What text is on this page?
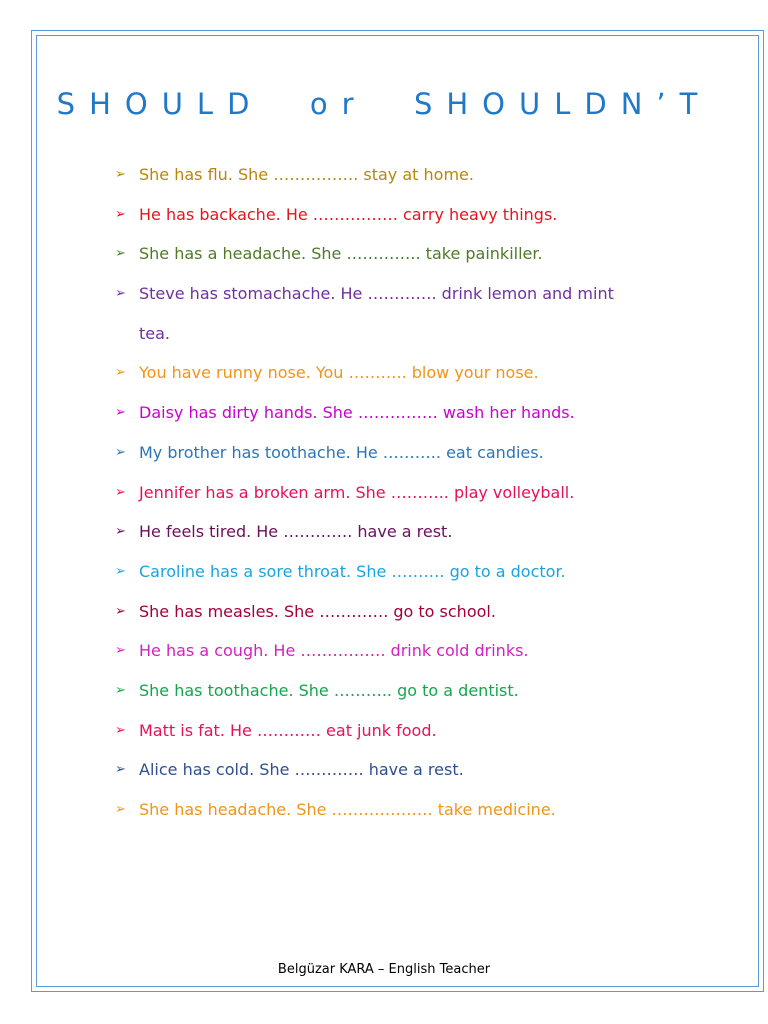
SHOULD  or  SHOULDN’T
➢ She has flu. She ……………. stay at home.
➢ He has backache. He ……………. carry heavy things.
➢ She has a headache. She ………….. take painkiller.
➢ Steve has stomachache. He …………. drink lemon and mint tea.
➢ You have runny nose. You ……….. blow your nose.
➢ Daisy has dirty hands. She …………… wash her hands.
➢ My brother has toothache. He ……….. eat candies.
➢ Jennifer has a broken arm. She ……….. play volleyball.
➢ He feels tired. He …………. have a rest.
➢ Caroline has a sore throat. She ………. go to a doctor.
➢ She has measles. She …………. go to school.
➢ He has a cough. He ……………. drink cold drinks.
➢ She has toothache. She ……….. go to a dentist.
➢ Matt is fat. He ………… eat junk food.
➢ Alice has cold. She …………. have a rest.
➢ She has headache. She ………………. take medicine.
Belgüzar KARA – English Teacher
